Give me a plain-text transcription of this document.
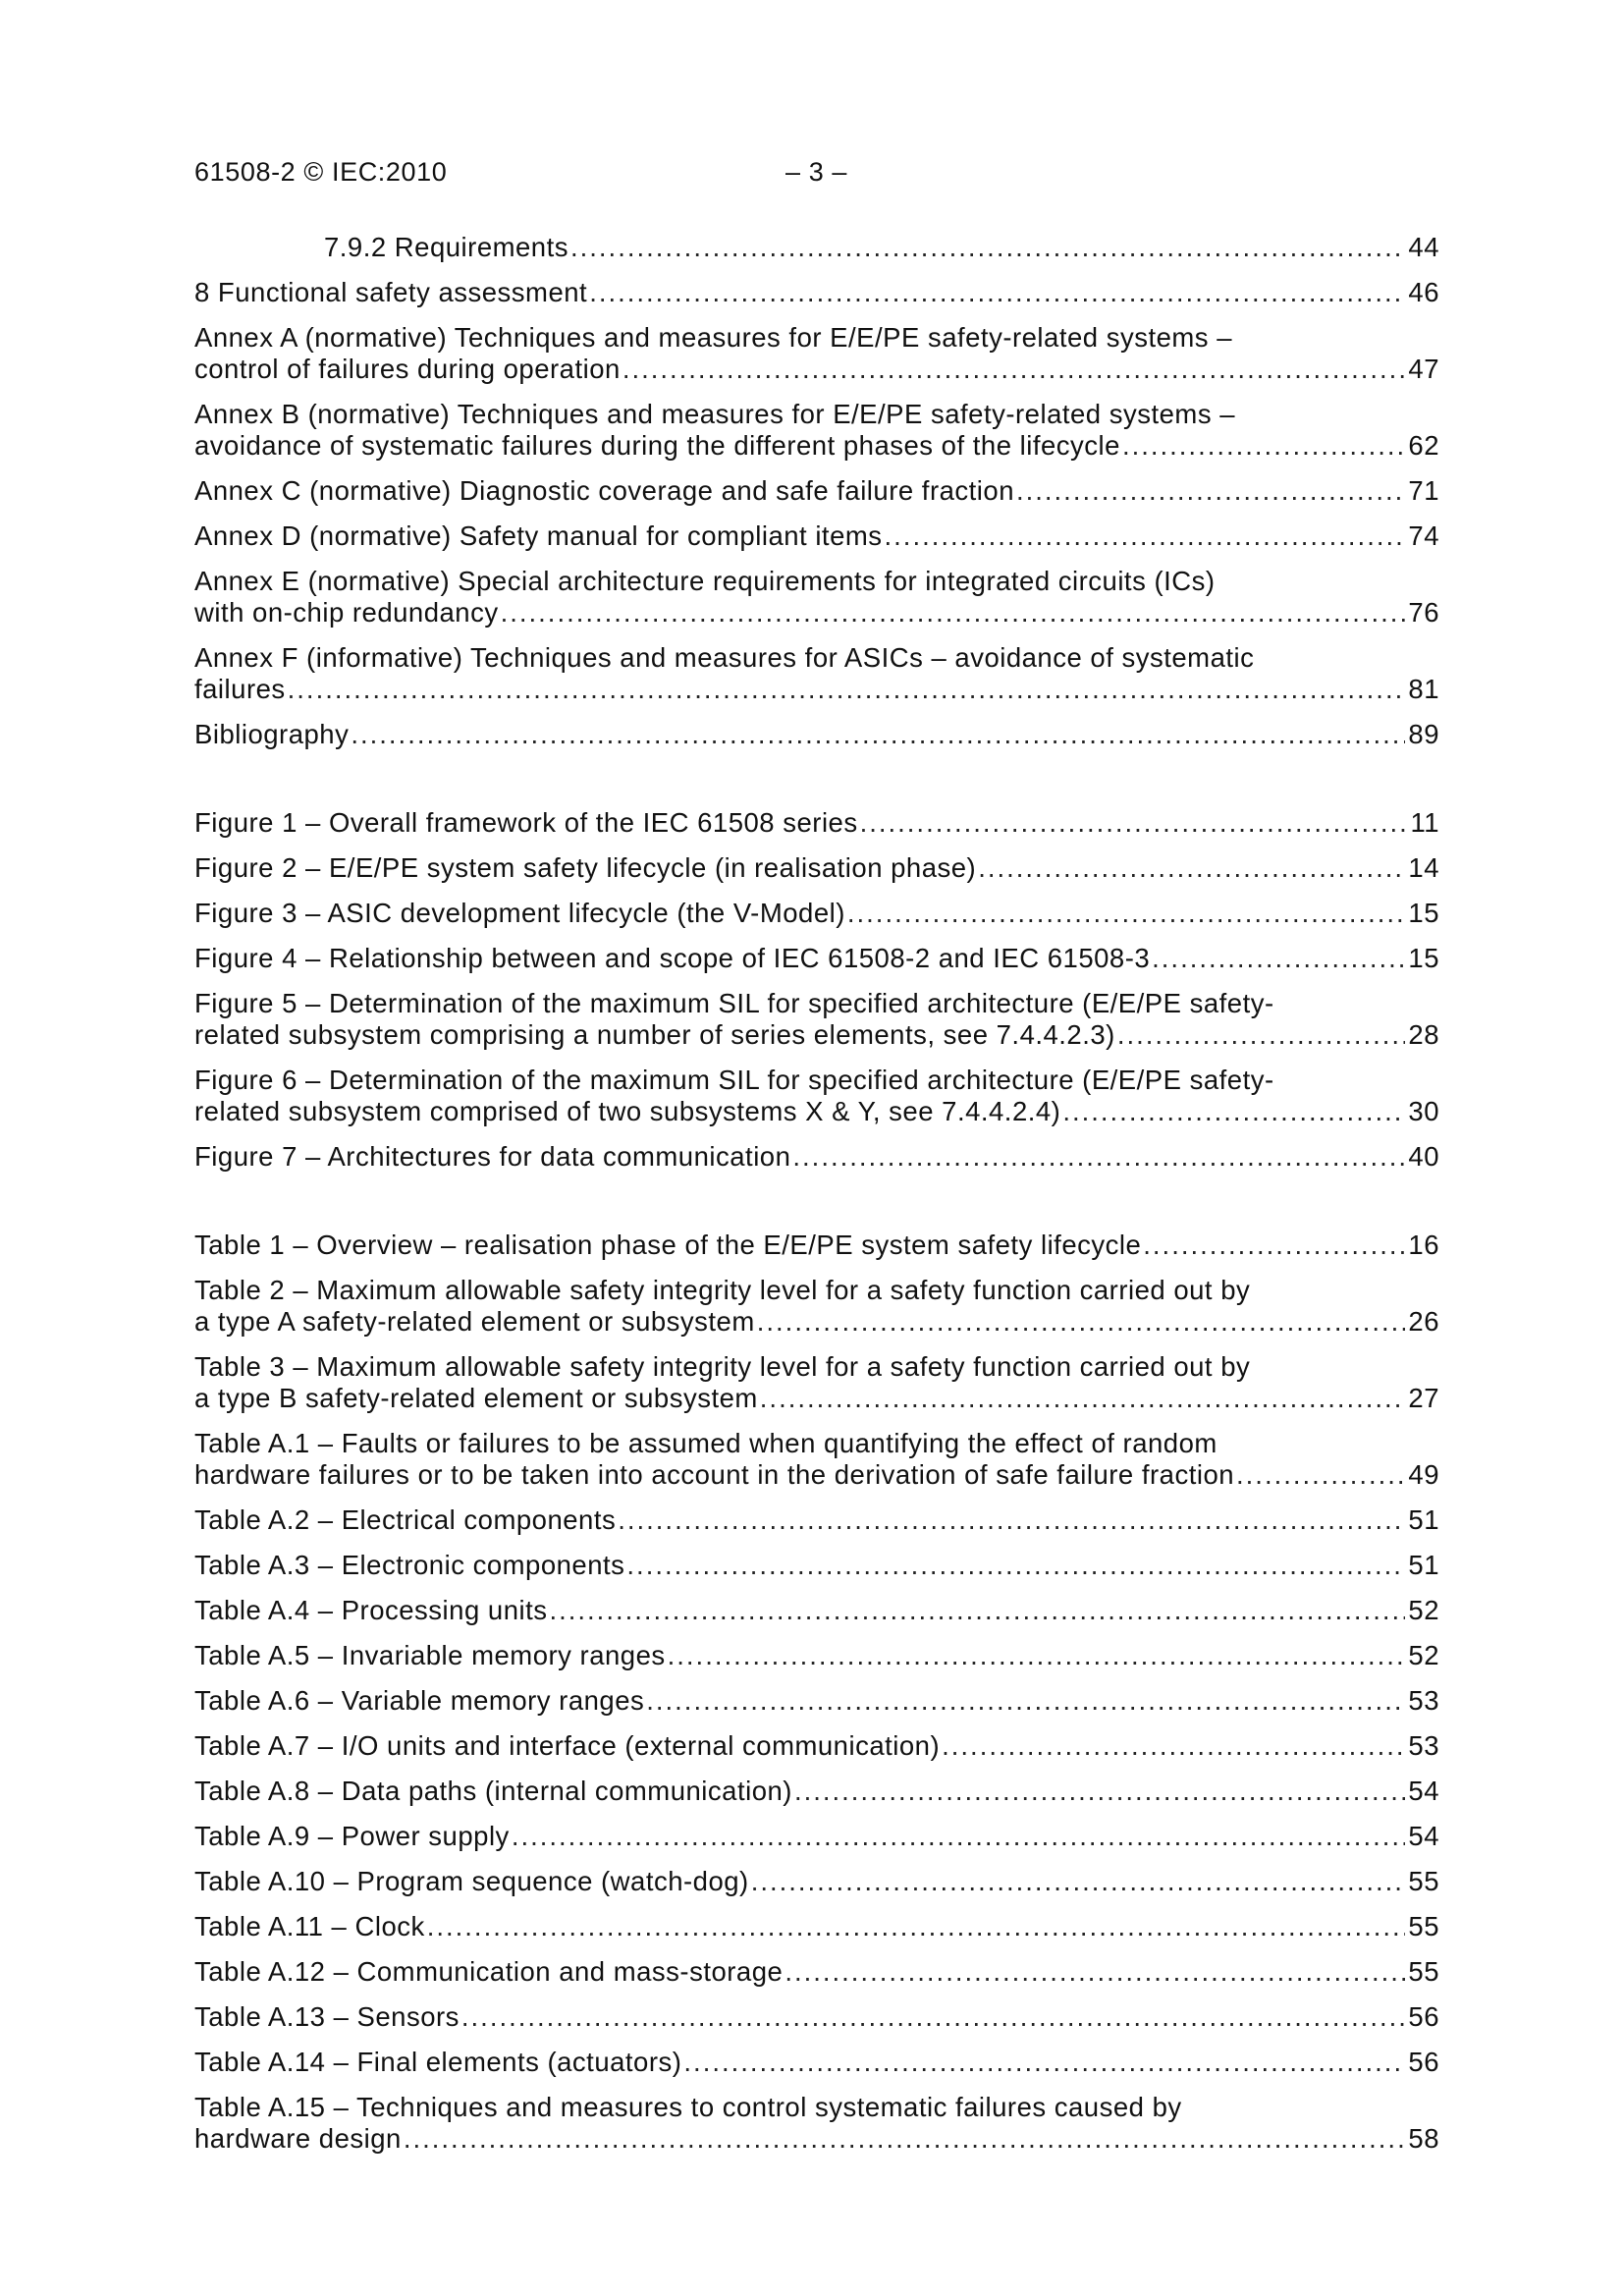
61508-2 © IEC:2010	– 3 –
7.9.2 Requirements .....	44
8 Functional safety assessment .....	46
Annex A (normative) Techniques and measures for E/E/PE safety-related systems –
control of failures during operation .....	47
Annex B (normative) Techniques and measures for E/E/PE safety-related systems –
avoidance of systematic failures during the different phases of the lifecycle .....	62
Annex C (normative) Diagnostic coverage and safe failure fraction .....	71
Annex D (normative) Safety manual for compliant items .....	74
Annex E (normative) Special architecture requirements for integrated circuits (ICs)
with on-chip redundancy .....	76
Annex F (informative) Techniques and measures for ASICs – avoidance of systematic
failures .....	81
Bibliography .....	89
Figure 1 – Overall framework of the IEC 61508 series .....	11
Figure 2 – E/E/PE system safety lifecycle (in realisation phase) .....	14
Figure 3 – ASIC development lifecycle (the V-Model) .....	15
Figure 4 – Relationship between and scope of IEC 61508-2 and IEC 61508-3 .....	15
Figure 5 – Determination of the maximum SIL for specified architecture (E/E/PE safety-
related subsystem comprising a number of series elements, see 7.4.4.2.3) .....	28
Figure 6 – Determination of the maximum SIL for specified architecture (E/E/PE safety-
related subsystem comprised of two subsystems X & Y, see 7.4.4.2.4) .....	30
Figure 7 – Architectures for data communication .....	40
Table 1 – Overview – realisation phase of the E/E/PE system safety lifecycle .....	16
Table 2 – Maximum allowable safety integrity level for a safety function carried out by
a type A safety-related element or subsystem .....	26
Table 3 – Maximum allowable safety integrity level for a safety function carried out by
a type B safety-related element or subsystem .....	27
Table A.1 – Faults or failures to be assumed when quantifying the effect of random
hardware failures or to be taken into account in the derivation of safe failure fraction .....	49
Table A.2 – Electrical components .....	51
Table A.3 – Electronic components .....	51
Table A.4 – Processing units .....	52
Table A.5 – Invariable memory ranges .....	52
Table A.6 – Variable memory ranges .....	53
Table A.7 – I/O units and interface (external communication) .....	53
Table A.8 – Data paths (internal communication) .....	54
Table A.9 – Power supply .....	54
Table A.10 – Program sequence (watch-dog) .....	55
Table A.11 – Clock .....	55
Table A.12 – Communication and mass-storage .....	55
Table A.13 – Sensors .....	56
Table A.14 – Final elements (actuators) .....	56
Table A.15 – Techniques and measures to control systematic failures caused by
hardware design .....	58
